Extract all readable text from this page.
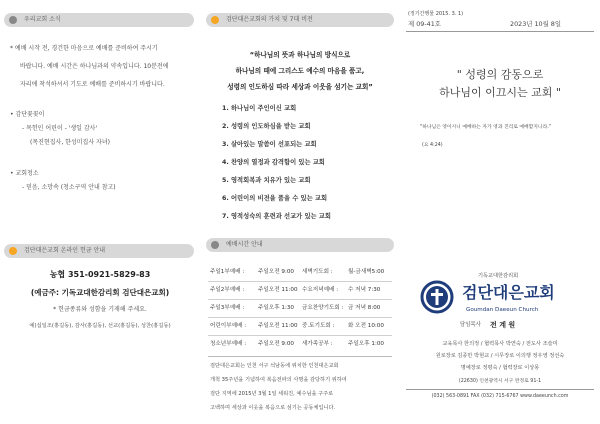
우리교회 소식
* 예배 시작 전, 경건한 마음으로 예배를 준비하여 주시기
바랍니다. 예배 시간은 하나님과의 약속입니다. 10분전에
자리에 착석하셔서 기도로 예배를 준비하시기 바랍니다.
• 감단꽃꽂이
- 목헌인 어린이 - '생일 감사'
(목진현집사, 한성미집사 자녀)
• 교회청소
- 믿음, 소망속 (청소구역 안내 참고)
검단대은교회 온라인 헌금 안내
농협 351-0921-5829-83
(예금주: 기독교대한감리회 검단대은교회)
* 헌금종류와 성함을 기재해 주세요.
예)십일조(홍길동), 감사(홍길동), 선교(홍길동), 성찬(홍길동)
검단대은교회의 가치 및 7대 비전
“하나님의 뜻과 하나님의 방식으로
하나님의 때에 그리스도 예수의 마음을 품고,
성령의 인도하심 따라 세상과 이웃을 섬기는 교회”
1. 하나님이 주인이신 교회
2. 성령의 인도하심을 받는 교회
3. 살아있는 말씀이 선포되는 교회
4. 찬양의 열정과 감격함이 있는 교회
5. 영적회복과 치유가 있는 교회
6. 어린이의 비전을 품을 수 있는 교회
7. 영적성숙의 훈련과 선교가 있는 교회
예배시간 안내
주일1부예배 : 주일오전 9:00 새벽기도회 :	월-금새벽5:00
주일2부예배 : 주일오전 11:00 수요저녁예배 : 수 저녁 7:30
주일3부예배 : 주일오후 1:30 금요찬양기도회 : 금 저녁 8:00
어린이부예배 : 주일오전 11:00 중.토기도회 : 화 오전 10:00
청소년부예배 : 주일오전 9:00 새가족공부 :	주일오후 1:00
검단대은교회는 인천 서구 석남동에 위치한 인천대은교회
개척 35주년을 기념하여 복음전파의 사명을 감당하기 위하여
검단 지역에 2015년 3월 1일 세워진, 예수님을 구주로
고백하며 세상과 이웃을 복음으로 섬기는 공동체입니다.
(정기간행물 2015. 3. 1)
제 09-41호	2023년 10월 8일
" 성령의 감동으로
하나님이 이끄시는 교회 "
"하나님은 영이시니 예배하는 자가 영과 진리로 예배할지니라."
(요 4:24)
기독교대한감리회
검단대은교회
Goumdan Daeeun Church
담임목사 전 계 원
교육목사 한의정 / 협력목사 박연숙 / 전도사 조슬미
원로장로 김종만 박현교 / 시무장로 이의행 정우영 정선숙
명예장로 정평숙 / 협력장로 이상몽
(22630) 인천광역시 서구 완정로 91-1
(032) 563-0891 FAX (032) 715-6767 www.daeeunch.com
